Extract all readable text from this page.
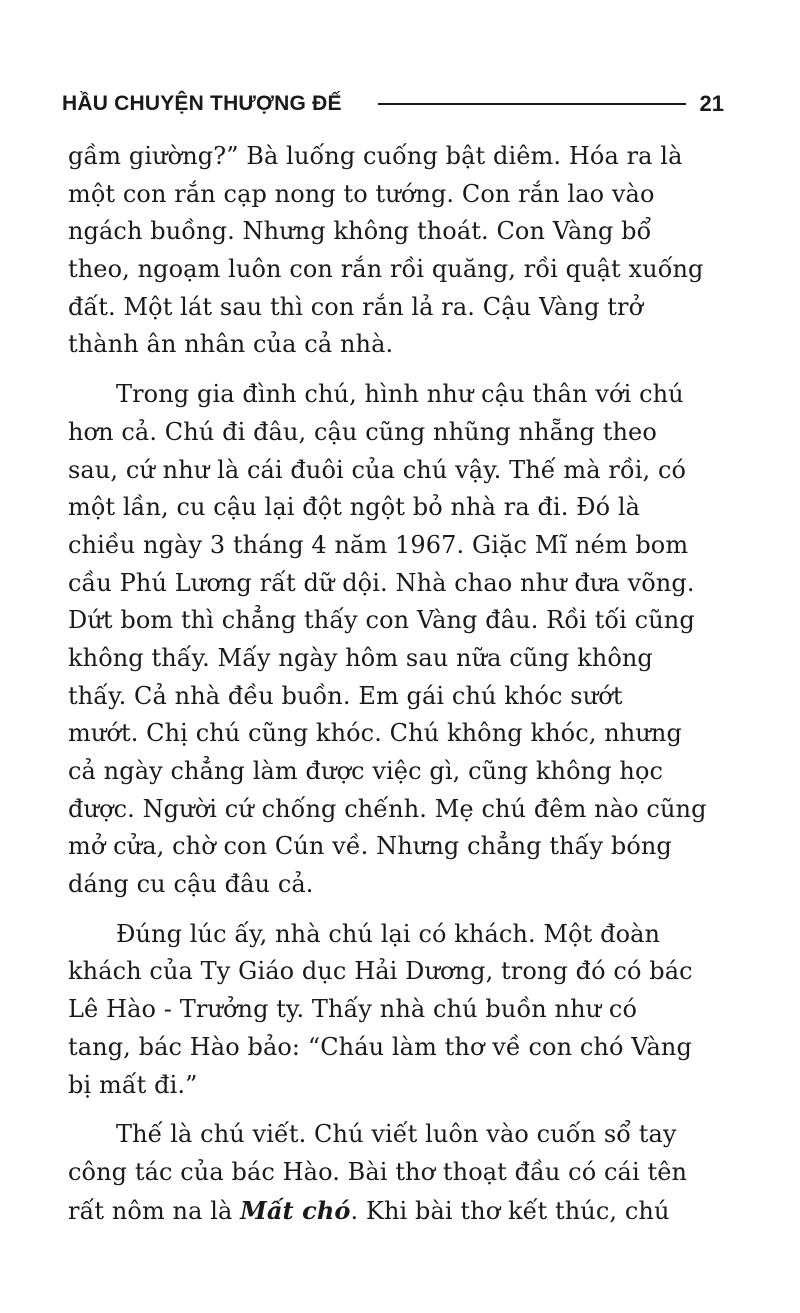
HẦU CHUYỆN THƯỢNG ĐẾ	21

gầm giường?” Bà luống cuống bật diêm. Hóa ra là
một con rắn cạp nong to tướng. Con rắn lao vào
ngách buồng. Nhưng không thoát. Con Vàng bổ
theo, ngoạm luôn con rắn rồi quăng, rồi quật xuống
đất. Một lát sau thì con rắn lả ra. Cậu Vàng trở
thành ân nhân của cả nhà.

Trong gia đình chú, hình như cậu thân với chú
hơn cả. Chú đi đâu, cậu cũng nhũng nhẵng theo
sau, cứ như là cái đuôi của chú vậy. Thế mà rồi, có
một lần, cu cậu lại đột ngột bỏ nhà ra đi. Đó là
chiều ngày 3 tháng 4 năm 1967. Giặc Mĩ ném bom
cầu Phú Lương rất dữ dội. Nhà chao như đưa võng.
Dứt bom thì chẳng thấy con Vàng đâu. Rồi tối cũng
không thấy. Mấy ngày hôm sau nữa cũng không
thấy. Cả nhà đều buồn. Em gái chú khóc sướt
mướt. Chị chú cũng khóc. Chú không khóc, nhưng
cả ngày chẳng làm được việc gì, cũng không học
được. Người cứ chống chếnh. Mẹ chú đêm nào cũng
mở cửa, chờ con Cún về. Nhưng chẳng thấy bóng
dáng cu cậu đâu cả.

Đúng lúc ấy, nhà chú lại có khách. Một đoàn
khách của Ty Giáo dục Hải Dương, trong đó có bác
Lê Hào - Trưởng ty. Thấy nhà chú buồn như có
tang, bác Hào bảo: “Cháu làm thơ về con chó Vàng
bị mất đi.”

Thế là chú viết. Chú viết luôn vào cuốn sổ tay
công tác của bác Hào. Bài thơ thoạt đầu có cái tên
rất nôm na là Mất chó. Khi bài thơ kết thúc, chú
